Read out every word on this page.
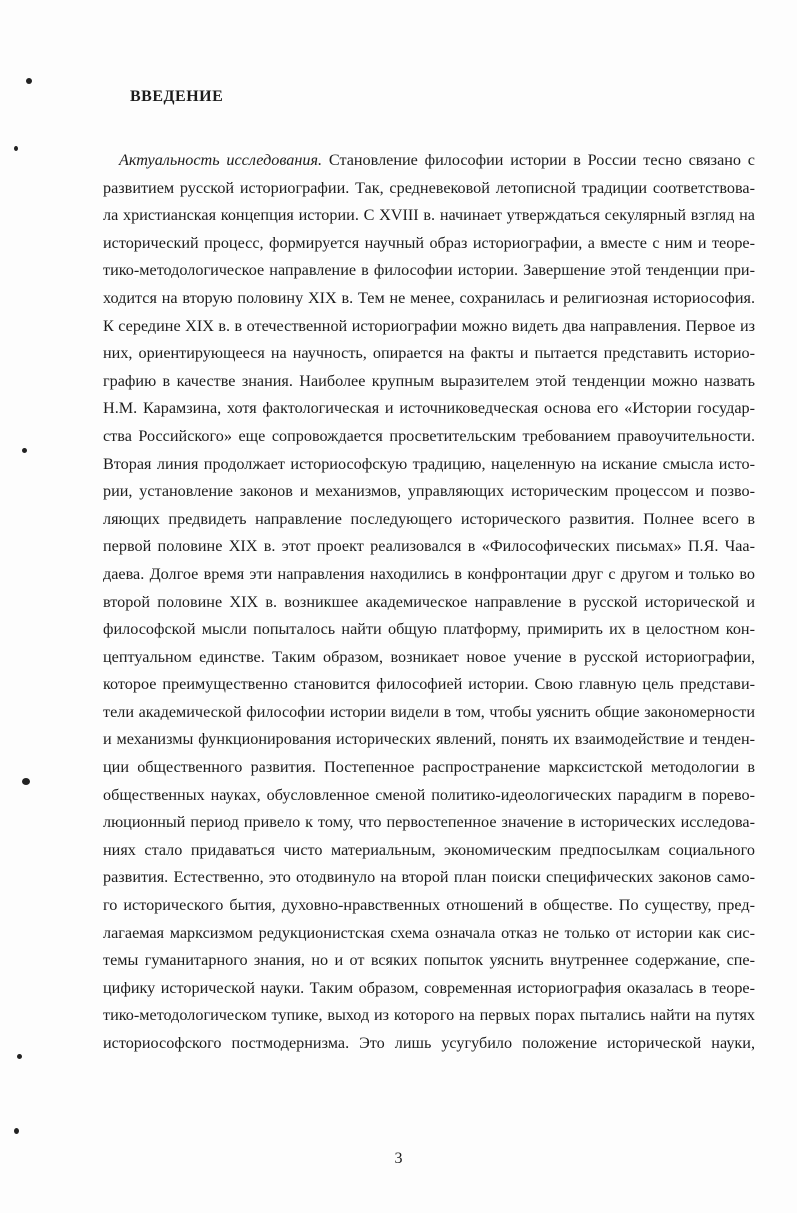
ВВЕДЕНИЕ
Актуальность исследования. Становление философии истории в России тесно связано с
развитием русской историографии. Так, средневековой летописной традиции соответствова-
ла христианская концепция истории. С XVIII в. начинает утверждаться секулярный взгляд на
исторический процесс, формируется научный образ историографии, а вместе с ним и теоре-
тико-методологическое направление в философии истории. Завершение этой тенденции при-
ходится на вторую половину XIX в. Тем не менее, сохранилась и религиозная историософия.
К середине XIX в. в отечественной историографии можно видеть два направления. Первое из
них, ориентирующееся на научность, опирается на факты и пытается представить историо-
графию в качестве знания. Наиболее крупным выразителем этой тенденции можно назвать
Н.М. Карамзина, хотя фактологическая и источниковедческая основа его «Истории государ-
ства Российского» еще сопровождается просветительским требованием правоучительности.
Вторая линия продолжает историософскую традицию, нацеленную на искание смысла исто-
рии, установление законов и механизмов, управляющих историческим процессом и позво-
ляющих предвидеть направление последующего исторического развития. Полнее всего в
первой половине XIX в. этот проект реализовался в «Философических письмах» П.Я. Чаа-
даева. Долгое время эти направления находились в конфронтации друг с другом и только во
второй половине XIX в. возникшее академическое направление в русской исторической и
философской мысли попыталось найти общую платформу, примирить их в целостном кон-
цептуальном единстве. Таким образом, возникает новое учение в русской историографии,
которое преимущественно становится философией истории. Свою главную цель представи-
тели академической философии истории видели в том, чтобы уяснить общие закономерности
и механизмы функционирования исторических явлений, понять их взаимодействие и тенден-
ции общественного развития. Постепенное распространение марксистской методологии в
общественных науках, обусловленное сменой политико-идеологических парадигм в порево-
люционный период привело к тому, что первостепенное значение в исторических исследова-
ниях стало придаваться чисто материальным, экономическим предпосылкам социального
развития. Естественно, это отодвинуло на второй план поиски специфических законов само-
го исторического бытия, духовно-нравственных отношений в обществе. По существу, пред-
лагаемая марксизмом редукционистская схема означала отказ не только от истории как сис-
темы гуманитарного знания, но и от всяких попыток уяснить внутреннее содержание, спе-
цифику исторической науки. Таким образом, современная историография оказалась в теоре-
тико-методологическом тупике, выход из которого на первых порах пытались найти на путях
историософского постмодернизма. Это лишь усугубило положение исторической науки,

3
